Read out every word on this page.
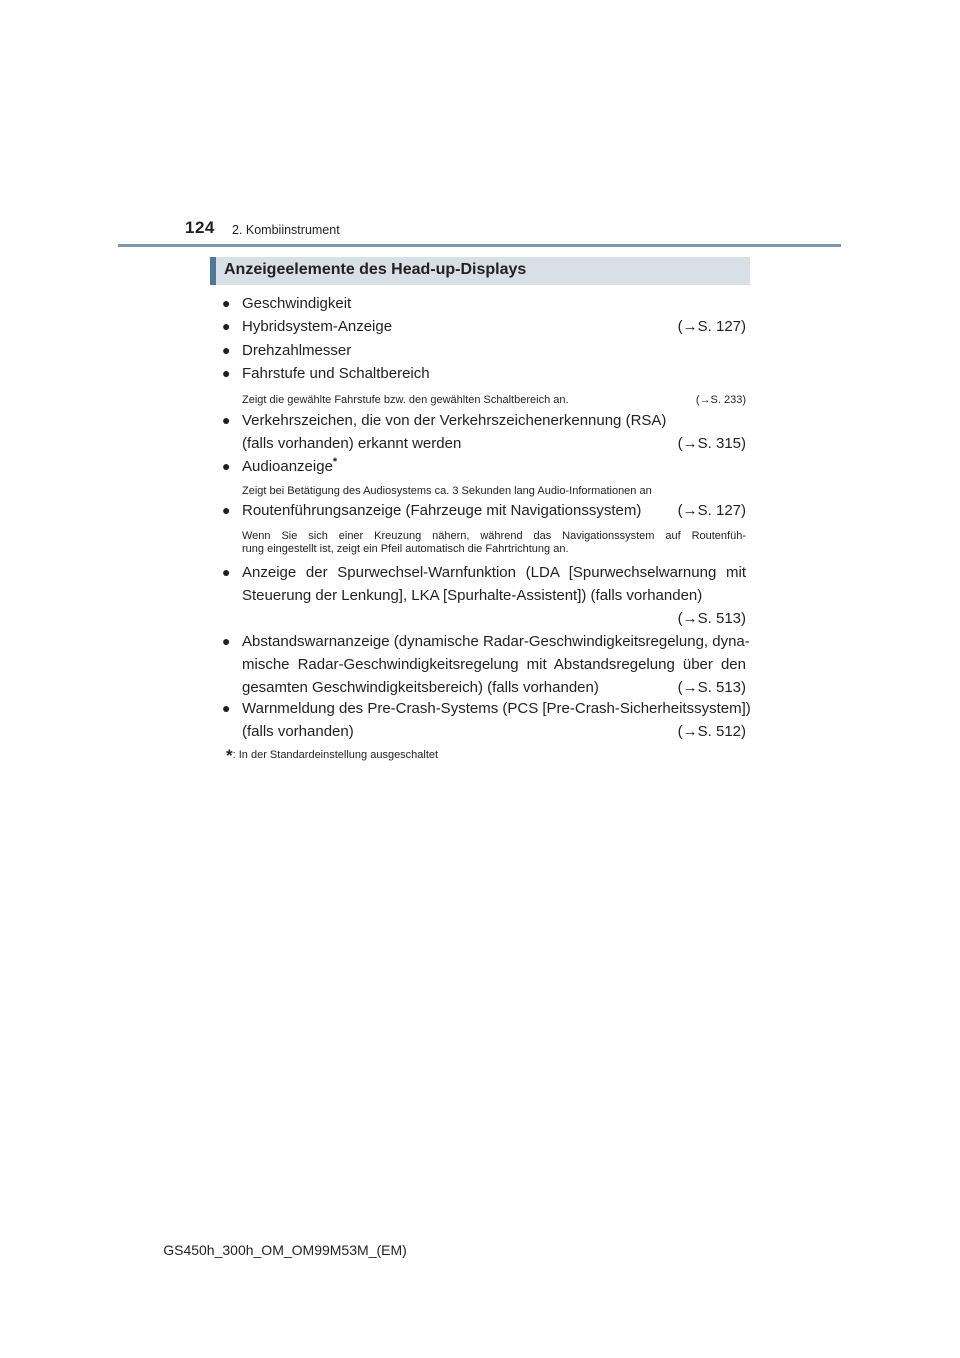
124 2. Kombiinstrument
Anzeigeelemente des Head-up-Displays
● Geschwindigkeit
● Hybridsystem-Anzeige	(→S. 127)
● Drehzahlmesser
● Fahrstufe und Schaltbereich
Zeigt die gewählte Fahrstufe bzw. den gewählten Schaltbereich an.	(→S. 233)
● Verkehrszeichen, die von der Verkehrszeichenerkennung (RSA)
(falls vorhanden) erkannt werden	(→S. 315)
● Audioanzeige*
Zeigt bei Betätigung des Audiosystems ca. 3 Sekunden lang Audio-Informationen an
● Routenführungsanzeige (Fahrzeuge mit Navigationssystem) (→S. 127)
Wenn Sie sich einer Kreuzung nähern, während das Navigationssystem auf Routenfüh-
rung eingestellt ist, zeigt ein Pfeil automatisch die Fahrtrichtung an.
● Anzeige der Spurwechsel-Warnfunktion (LDA [Spurwechselwarnung mit
Steuerung der Lenkung], LKA [Spurhalte-Assistent]) (falls vorhanden)
(→S. 513)

● Abstandswarnanzeige (dynamische Radar-Geschwindigkeitsregelung, dyna-
mische Radar-Geschwindigkeitsregelung mit Abstandsregelung über den
gesamten Geschwindigkeitsbereich) (falls vorhanden)	(→S. 513)
● Warnmeldung des Pre-Crash-Systems (PCS [Pre-Crash-Sicherheitssystem])
(falls vorhanden)	(→S. 512)
*: In der Standardeinstellung ausgeschaltet
GS450h_300h_OM_OM99M53M_(EM)
